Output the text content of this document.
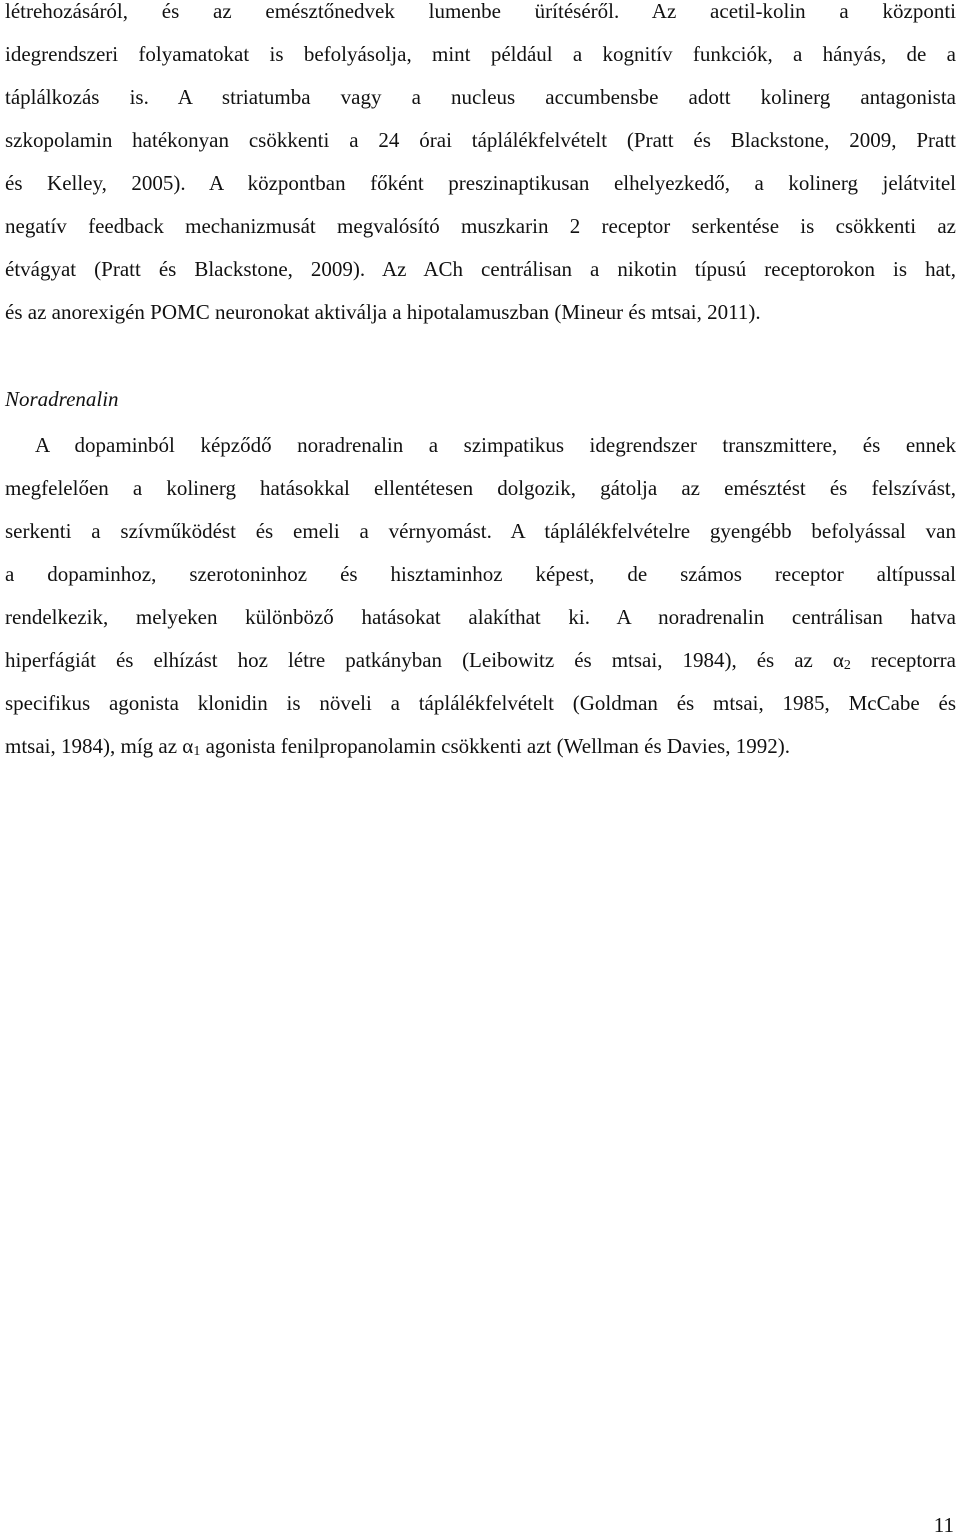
létrehozásáról, és az emésztőnedvek lumenbe ürítéséről. Az acetil-kolin a központi
idegrendszeri folyamatokat is befolyásolja, mint például a kognitív funkciók, a hányás, de a
táplálkozás is. A striatumba vagy a nucleus accumbensbe adott kolinerg antagonista
szkopolamin hatékonyan csökkenti a 24 órai táplálékfelvételt (Pratt és Blackstone, 2009, Pratt
és Kelley, 2005). A központban főként preszinaptikusan elhelyezkedő, a kolinerg jelátvitel
negatív feedback mechanizmusát megvalósító muszkarin 2 receptor serkentése is csökkenti az
étvágyat (Pratt és Blackstone, 2009). Az ACh centrálisan a nikotin típusú receptorokon is hat,
és az anorexigén POMC neuronokat aktiválja a hipotalamuszban (Mineur és mtsai, 2011).
Noradrenalin
A dopaminból képződő noradrenalin a szimpatikus idegrendszer transzmittere, és ennek
megfelelően a kolinerg hatásokkal ellentétesen dolgozik, gátolja az emésztést és felszívást,
serkenti a szívműködést és emeli a vérnyomást. A táplálékfelvételre gyengébb befolyással van
a dopaminhoz, szerotoninhoz és hisztaminhoz képest, de számos receptor altípussal
rendelkezik, melyeken különböző hatásokat alakíthat ki. A noradrenalin centrálisan hatva
hiperfágiát és elhízást hoz létre patkányban (Leibowitz és mtsai, 1984), és az $\alpha_2$ receptorra
specifikus agonista klonidin is növeli a táplálékfelvételt (Goldman és mtsai, 1985, McCabe és
mtsai, 1984), míg az $\alpha_1$ agonista fenilpropanolamin csökkenti azt (Wellman és Davies, 1992).
11
